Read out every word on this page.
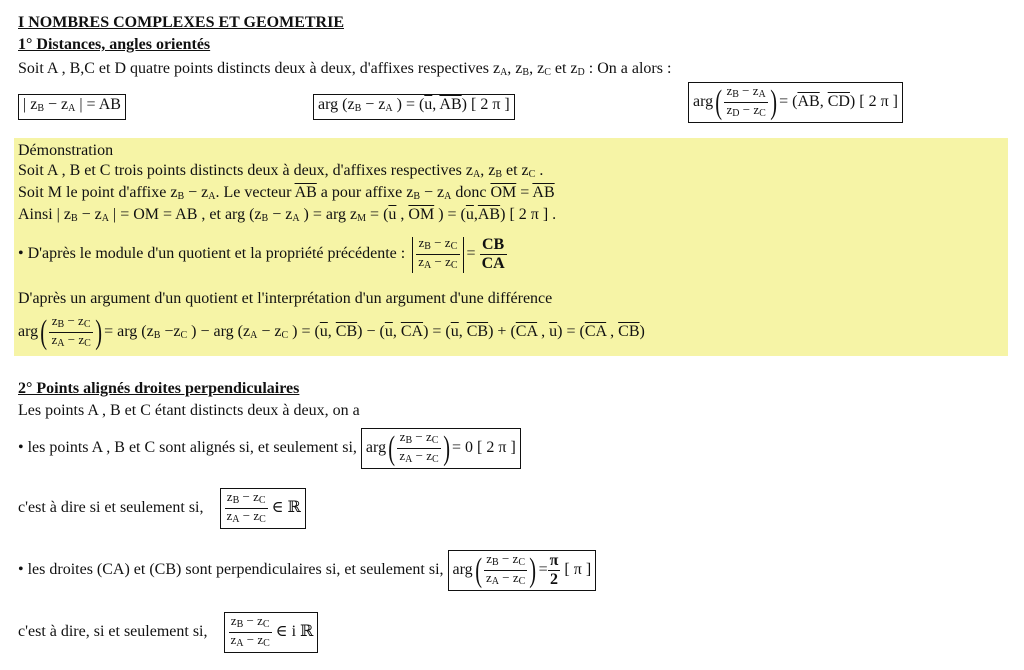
I NOMBRES COMPLEXES ET GEOMETRIE
1° Distances, angles orientés
Soit A , B,C et D quatre points distincts deux à deux, d'affixes respectives $z_A$, $z_B$, $z_C$ et $z_D$ : On a alors :
| $z_B - z_A$ | = AB	arg ($z_B - z_A$ ) = ($\overline{u}$, $\overline{AB}$) [ 2 π ]	$arg( \frac{z_B - z_A}{z_D - z_C}$ ) = ($\overline{AB}$, $\overline{CD}$) [ 2 π ]
Démonstration
Soit A , B et C trois points distincts deux à deux, d'affixes respectives $z_A$, $z_B$ et $z_C$ .
Soit M le point d'affixe $z_B - z_A$. Le vecteur $\overline{AB}$ a pour affixe $z_B - z_A$ donc $\overline{OM} = \overline{AB}$
Ainsi | $z_B - z_A$ | = OM = AB , et arg ($z_B - z_A$ ) = arg $z_M = (\overline{u}$ , $\overline{OM}$ ) = $(\overline{u},\overline{AB})$ [ 2 π ] .
• D'après le module d'un quotient et la propriété précédente : $\frac{z_B - z_C}{z_A - z_C} = \frac{CB}{CA}$
D'après un argument d'un quotient et l'interprétation d'un argument d'une différence
$arg( \frac{z_B - z_C}{z_A - z_C}$ ) = arg ($z_B -z_C$ ) − arg ($z_A - z_C$ ) = ($\overline{u}$, $\overline{CB}) - (\overline{u}$, $\overline{CA}) = (\overline{u}$, $\overline{CB}) + (\overline{CA}$ , $\overline{u}) = (\overline{CA}$ , $\overline{CB}$)
2° Points alignés droites perpendiculaires
Les points A , B et C étant distincts deux à deux, on a
• les points A , B et C sont alignés si, et seulement si, $arg( \frac{z_B - z_C}{z_A - z_C}$ ) = 0 [ 2 π ]
c'est à dire si et seulement si, $\frac{z_B - z_C}{z_A - z_C}$ ∈ ℝ
• les droites (CA) et (CB) sont perpendiculaires si, et seulement si, $arg( \frac{z_B - z_C}{z_A - z_C}$ ) = $\frac{\pi}{2}$ [ π ]
c'est à dire, si et seulement si, $\frac{z_B - z_C}{z_A - z_C}$ ∈ i ℝ
